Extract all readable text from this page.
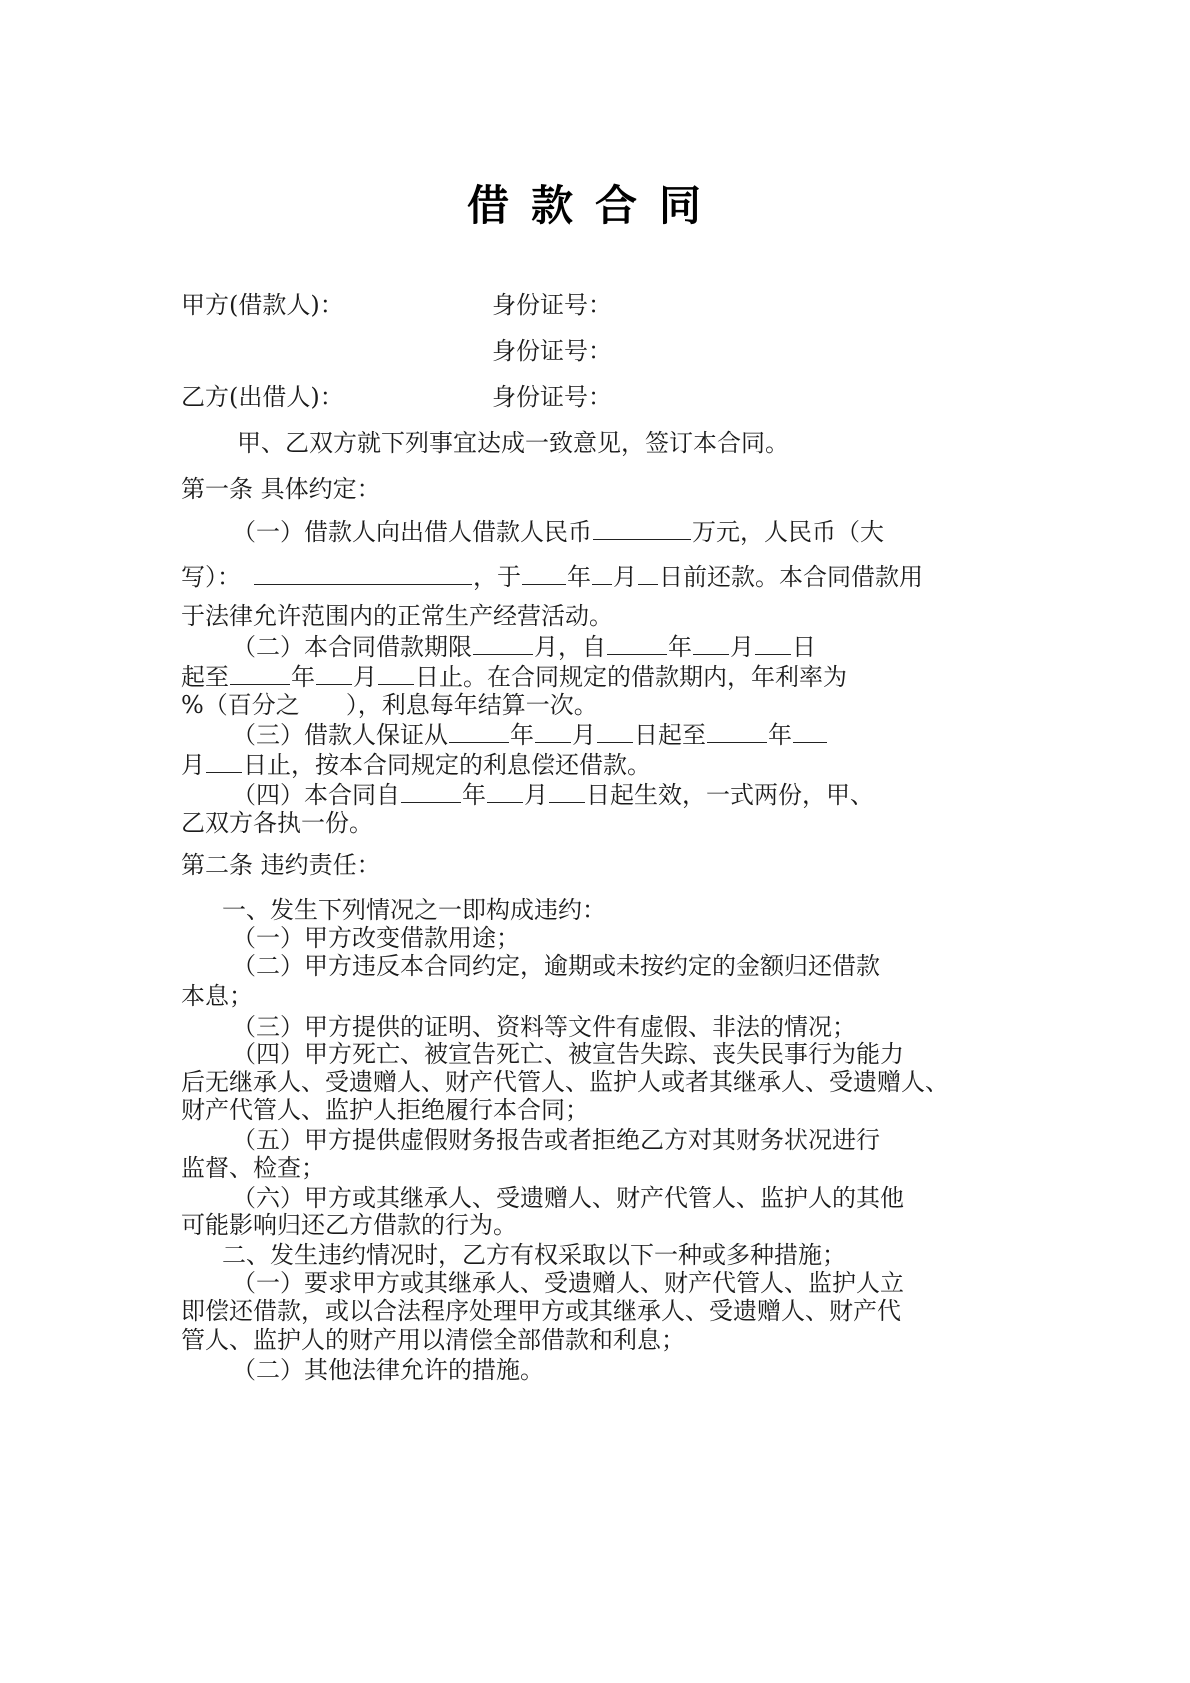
借款合同
甲方(借款人)：	身份证号：
身份证号：
乙方(出借人)：	身份证号：
甲、乙双方就下列事宜达成一致意见，签订本合同。
第一条 具体约定：
（一）借款人向出借人借款人民币	万元，人民币（大
写）：	，于 年 月 日前还款。本合同借款用
于法律允许范围内的正常生产经营活动。
（二）本合同借款期限	月，自	年 月 日
起至	年 月 日止。在合同规定的借款期内，年利率为
%（百分之 ），利息每年结算一次。
（三）借款人保证从	年 月 日起至	年
月 日止，按本合同规定的利息偿还借款。
（四）本合同自	年 月 日起生效，一式两份，甲、
乙双方各执一份。
第二条 违约责任：
一、发生下列情况之一即构成违约：
（一）甲方改变借款用途；
（二）甲方违反本合同约定，逾期或未按约定的金额归还借款
本息；
（三）甲方提供的证明、资料等文件有虚假、非法的情况；
（四）甲方死亡、被宣告死亡、被宣告失踪、丧失民事行为能力
后无继承人、受遗赠人、财产代管人、监护人或者其继承人、受遗赠人、
财产代管人、监护人拒绝履行本合同；
（五）甲方提供虚假财务报告或者拒绝乙方对其财务状况进行
监督、检查；
（六）甲方或其继承人、受遗赠人、财产代管人、监护人的其他
可能影响归还乙方借款的行为。
二、发生违约情况时，乙方有权采取以下一种或多种措施；
（一）要求甲方或其继承人、受遗赠人、财产代管人、监护人立
即偿还借款，或以合法程序处理甲方或其继承人、受遗赠人、财产代
管人、监护人的财产用以清偿全部借款和利息；
（二）其他法律允许的措施。
